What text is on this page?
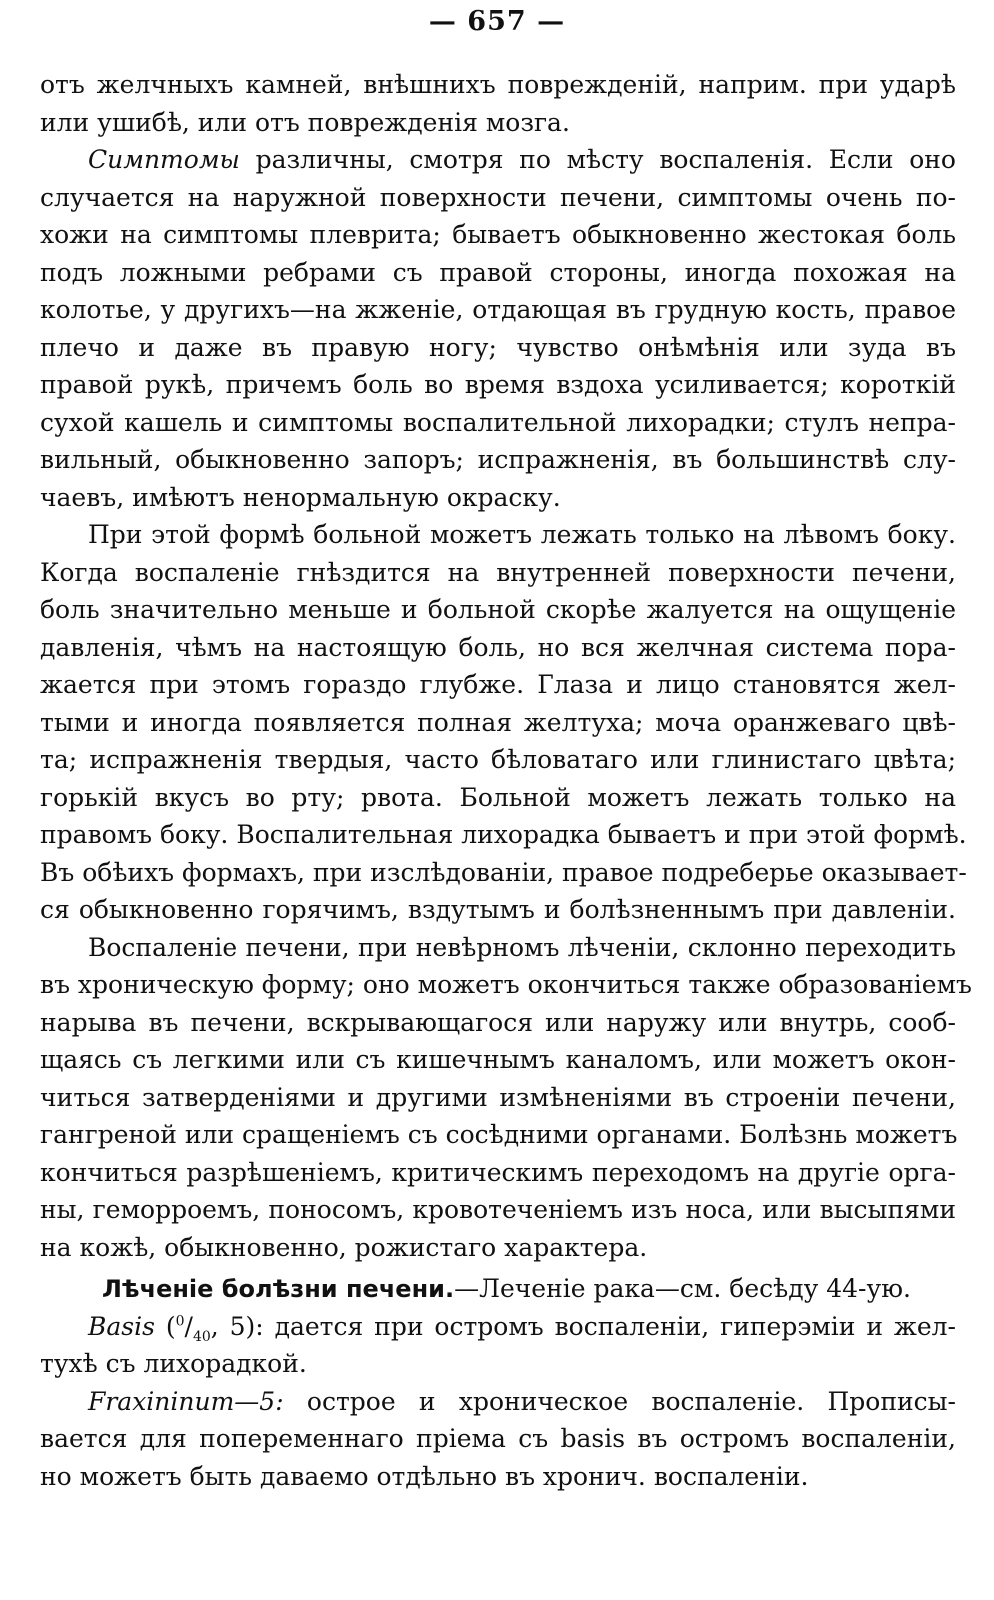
— 657 —
отъ желчныхъ камней, внѣшнихъ поврежденій, наприм. при ударѣ
или ушибѣ, или отъ поврежденія мозга.
Симптомы различны, смотря по мѣсту воспаленія. Если оно
случается на наружной поверхности печени, симптомы очень по-
хожи на симптомы плеврита; бываетъ обыкновенно жестокая боль
подъ ложными ребрами съ правой стороны, иногда похожая на
колотье, у другихъ—на жженіе, отдающая въ грудную кость, правое
плечо и даже въ правую ногу; чувство онѣмѣнія или зуда въ
правой рукѣ, причемъ боль во время вздоха усиливается; короткій
сухой кашель и симптомы воспалительной лихорадки; стулъ непра-
вильный, обыкновенно запоръ; испражненія, въ большинствѣ слу-
чаевъ, имѣютъ ненормальную окраску.
При этой формѣ больной можетъ лежать только на лѣвомъ боку.
Когда воспаленіе гнѣздится на внутренней поверхности печени,
боль значительно меньше и больной скорѣе жалуется на ощущеніе
давленія, чѣмъ на настоящую боль, но вся желчная система пора-
жается при этомъ гораздо глубже. Глаза и лицо становятся жел-
тыми и иногда появляется полная желтуха; моча оранжеваго цвѣ-
та; испражненія твердыя, часто бѣловатаго или глинистаго цвѣта;
горькій вкусъ во рту; рвота. Больной можетъ лежать только на
правомъ боку. Воспалительная лихорадка бываетъ и при этой формѣ.
Въ обѣихъ формахъ, при изслѣдованіи, правое подреберье оказывает-
ся обыкновенно горячимъ, вздутымъ и болѣзненнымъ при давленіи.
Воспаленіе печени, при невѣрномъ лѣченіи, склонно переходить
въ хроническую форму; оно можетъ окончиться также образованіемъ
нарыва въ печени, вскрывающагося или наружу или внутрь, сооб-
щаясь съ легкими или съ кишечнымъ каналомъ, или можетъ окон-
читься затверденіями и другими измѣненіями въ строеніи печени,
гангреной или сращеніемъ съ сосѣдними органами. Болѣзнь можетъ
кончиться разрѣшеніемъ, критическимъ переходомъ на другіе орга-
ны, геморроемъ, поносомъ, кровотеченіемъ изъ носа, или высыпями
на кожѣ, обыкновенно, рожистаго характера.
Лѣченіе болѣзни печени.—Леченіе рака—см. бесѣду 44-ую.
Basis ($^0/_{40}$, 5): дается при остромъ воспаленіи, гиперэміи и жел-
тухѣ съ лихорадкой.
Fraxininum—5: острое и хроническое воспаленіе. Прописы-
вается для попеременнаго пріема съ basis въ остромъ воспаленіи,
но можетъ быть даваемо отдѣльно въ хронич. воспаленіи.
